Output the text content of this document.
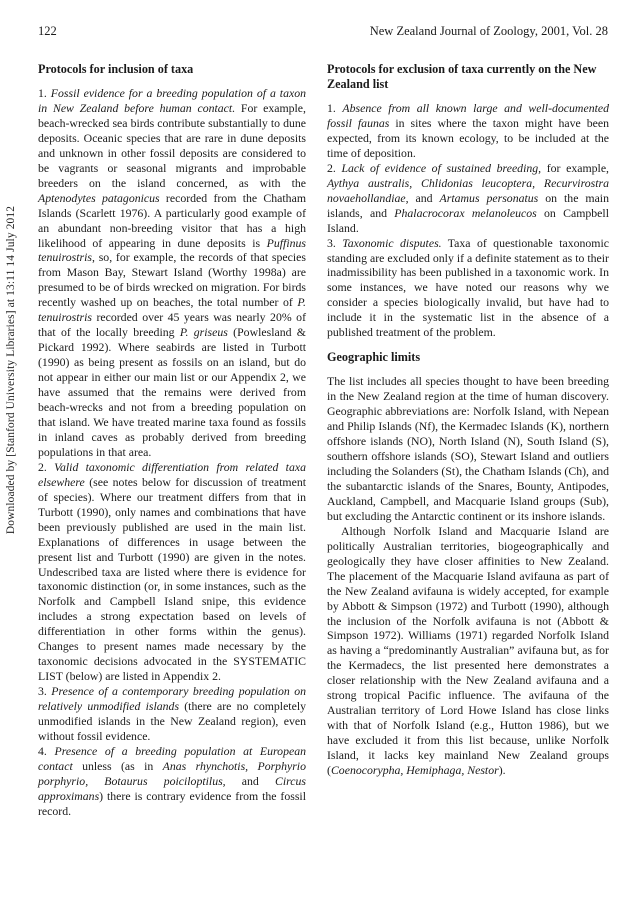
Downloaded by [Stanford University Libraries] at 13:11 14 July 2012
122	New Zealand Journal of Zoology, 2001, Vol. 28
Protocols for inclusion of taxa

1. Fossil evidence for a breeding population of a taxon in New Zealand before human contact. For example, beach-wrecked sea birds contribute substantially to dune deposits. Oceanic species that are rare in dune deposits and unknown in other fossil deposits are considered to be vagrants or seasonal migrants and improbable breeders on the island concerned, as with the Aptenodytes patagonicus recorded from the Chatham Islands (Scarlett 1976). A particularly good example of an abundant non-breeding visitor that has a high likelihood of appearing in dune deposits is Puffinus tenuirostris, so, for example, the records of that species from Mason Bay, Stewart Island (Worthy 1998a) are presumed to be of birds wrecked on migration. For birds recently washed up on beaches, the total number of P. tenuirostris recorded over 45 years was nearly 20% of that of the locally breeding P. griseus (Powlesland & Pickard 1992). Where seabirds are listed in Turbott (1990) as being present as fossils on an island, but do not appear in either our main list or our Appendix 2, we have assumed that the remains were derived from beach-wrecks and not from a breeding population on that island. We have treated marine taxa found as fossils in inland caves as probably derived from breeding populations in that area.

2. Valid taxonomic differentiation from related taxa elsewhere (see notes below for discussion of treatment of species). Where our treatment differs from that in Turbott (1990), only names and combinations that have been previously published are used in the main list. Explanations of differences in usage between the present list and Turbott (1990) are given in the notes. Undescribed taxa are listed where there is evidence for taxonomic distinction (or, in some instances, such as the Norfolk and Campbell Island snipe, this evidence includes a strong expectation based on levels of differentiation in other forms within the genus). Changes to present names made necessary by the taxonomic decisions advocated in the SYSTEMATIC LIST (below) are listed in Appendix 2.

3. Presence of a contemporary breeding population on relatively unmodified islands (there are no completely unmodified islands in the New Zealand region), even without fossil evidence.

4. Presence of a breeding population at European contact unless (as in Anas rhynchotis, Porphyrio porphyrio, Botaurus poiciloptilus, and Circus approximans) there is contrary evidence from the fossil record.

Protocols for exclusion of taxa currently on the New Zealand list

1. Absence from all known large and well-documented fossil faunas in sites where the taxon might have been expected, from its known ecology, to be included at the time of deposition.

2. Lack of evidence of sustained breeding, for example, Aythya australis, Chlidonias leucoptera, Recurvirostra novaehollandiae, and Artamus personatus on the main islands, and Phalacrocorax melanoleucos on Campbell Island.

3. Taxonomic disputes. Taxa of questionable taxonomic standing are excluded only if a definite statement as to their inadmissibility has been published in a taxonomic work. In some instances, we have noted our reasons why we consider a species biologically invalid, but have had to include it in the systematic list in the absence of a published treatment of the problem.

Geographic limits

The list includes all species thought to have been breeding in the New Zealand region at the time of human discovery. Geographic abbreviations are: Norfolk Island, with Nepean and Philip Islands (Nf), the Kermadec Islands (K), northern offshore islands (NO), North Island (N), South Island (S), southern offshore islands (SO), Stewart Island and outliers including the Solanders (St), the Chatham Islands (Ch), and the subantarctic islands of the Snares, Bounty, Antipodes, Auckland, Campbell, and Macquarie Island groups (Sub), but excluding the Antarctic continent or its inshore islands.

Although Norfolk Island and Macquarie Island are politically Australian territories, biogeographically and geologically they have closer affinities to New Zealand. The placement of the Macquarie Island avifauna as part of the New Zealand avifauna is widely accepted, for example by Abbott & Simpson (1972) and Turbott (1990), although the inclusion of the Norfolk avifauna is not (Abbott & Simpson 1972). Williams (1971) regarded Norfolk Island as having a “predominantly Australian” avifauna but, as for the Kermadecs, the list presented here demonstrates a closer relationship with the New Zealand avifauna and a strong tropical Pacific influence. The avifauna of the Australian territory of Lord Howe Island has close links with that of Norfolk Island (e.g., Hutton 1986), but we have excluded it from this list because, unlike Norfolk Island, it lacks key mainland New Zealand groups (Coenocorypha, Hemiphaga, Nestor).
